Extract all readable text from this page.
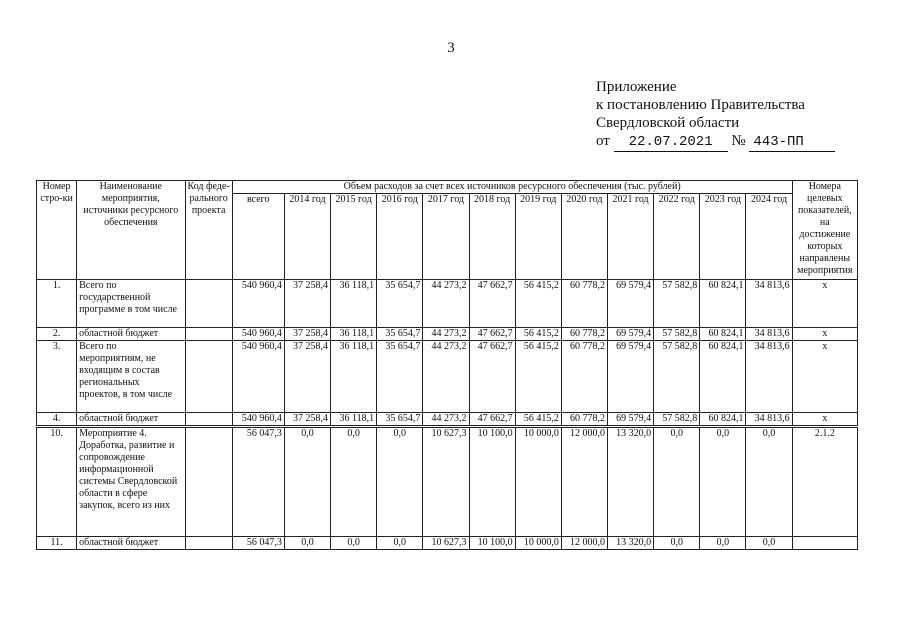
3
Приложение
к постановлению Правительства
Свердловской области
от 22.07.2021 № 443-ПП
Номер стро-ки	Наименование мероприятия, источники ресурсного обеспечения	Код феде-рального проекта	Объем расходов за счет всех источников ресурсного обеспечения (тыс. рублей)												Номера целевых показателей, на достижение которых направлены мероприятия
			всего	2014 год	2015 год	2016 год	2017 год	2018 год	2019 год	2020 год	2021 год	2022 год	2023 год	2024 год	
1.	Всего по государственной программе в том числе		540 960,4	37 258,4	36 118,1	35 654,7	44 273,2	47 662,7	56 415,2	60 778,2	69 579,4	57 582,8	60 824,1	34 813,6	х
2.	областной бюджет		540 960,4	37 258,4	36 118,1	35 654,7	44 273,2	47 662,7	56 415,2	60 778,2	69 579,4	57 582,8	60 824,1	34 813,6	х
3.	Всего по мероприятиям, не входящим в состав региональных проектов, в том числе		540 960,4	37 258,4	36 118,1	35 654,7	44 273,2	47 662,7	56 415,2	60 778,2	69 579,4	57 582,8	60 824,1	34 813,6	х
4.	областной бюджет		540 960,4	37 258,4	36 118,1	35 654,7	44 273,2	47 662,7	56 415,2	60 778,2	69 579,4	57 582,8	60 824,1	34 813,6	х
10.	Мероприятие 4. Доработка, развитие и сопровождение информационной системы Свердловской области в сфере закупок, всего из них		56 047,3	0,0	0,0	0,0	10 627,3	10 100,0	10 000,0	12 000,0	13 320,0	0,0	0,0	0,0	2.1.2
11.	областной бюджет		56 047,3	0,0	0,0	0,0	10 627,3	10 100,0	10 000,0	12 000,0	13 320,0	0,0	0,0	0,0	
